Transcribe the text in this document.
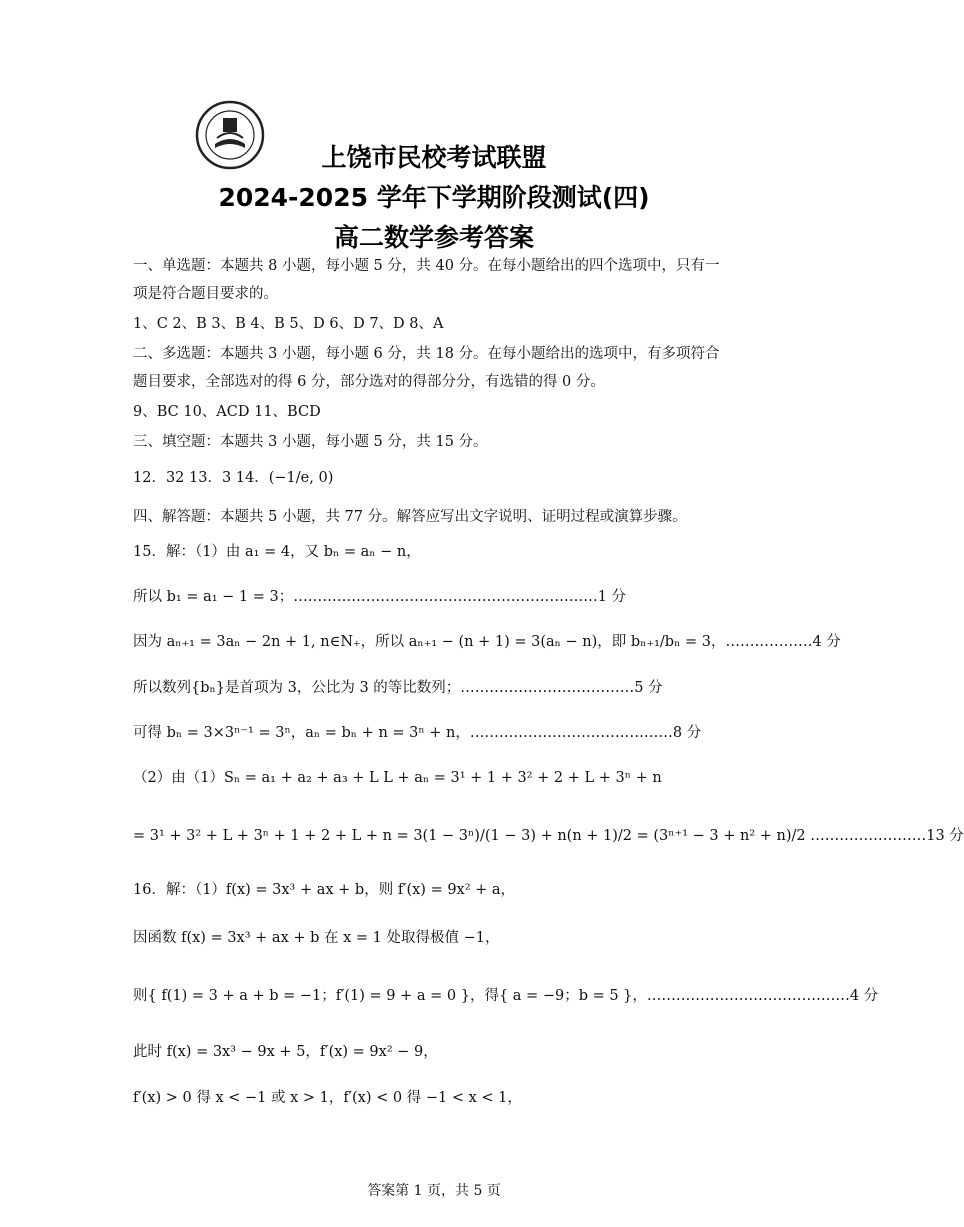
上饶市民校考试联盟
2024-2025 学年下学期阶段测试(四)
高二数学参考答案
一、单选题：本题共 8 小题，每小题 5 分，共 40 分。在每小题给出的四个选项中，只有一
项是符合题目要求的。
1、C 2、B 3、B 4、B 5、D 6、D 7、D 8、A
二、多选题：本题共 3 小题，每小题 6 分，共 18 分。在每小题给出的选项中，有多项符合
题目要求，全部选对的得 6 分，部分选对的得部分分，有选错的得 0 分。
9、BC 10、ACD 11、BCD
三、填空题：本题共 3 小题，每小题 5 分，共 15 分。
12．32 13．3 14．(−1/e, 0)
四、解答题：本题共 5 小题，共 77 分。解答应写出文字说明、证明过程或演算步骤。
15．解：（1）由 a₁ = 4，又 bₙ = aₙ − n，
所以 b₁ = a₁ − 1 = 3；………………………………………………………1 分
因为 aₙ₊₁ = 3aₙ − 2n + 1, n∈N₊，所以 aₙ₊₁ − (n + 1) = 3(aₙ − n)，即 bₙ₊₁/bₙ = 3，………………4 分
所以数列{bₙ}是首项为 3，公比为 3 的等比数列；………………………………5 分
可得 bₙ = 3×3ⁿ⁻¹ = 3ⁿ，aₙ = bₙ + n = 3ⁿ + n，……………………………………8 分
（2）由（1）Sₙ = a₁ + a₂ + a₃ + L L + aₙ = 3¹ + 1 + 3² + 2 + L + 3ⁿ + n
= 3¹ + 3² + L + 3ⁿ + 1 + 2 + L + n = 3(1 − 3ⁿ)/(1 − 3) + n(n + 1)/2 = (3ⁿ⁺¹ − 3 + n² + n)/2 ……………………13 分
16．解：（1）f(x) = 3x³ + ax + b，则 f′(x) = 9x² + a，
因函数 f(x) = 3x³ + ax + b 在 x = 1 处取得极值 −1，
则{ f(1) = 3 + a + b = −1；f′(1) = 9 + a = 0 }，得{ a = −9；b = 5 }，……………………………………4 分
此时 f(x) = 3x³ − 9x + 5，f′(x) = 9x² − 9，
f′(x) > 0 得 x < −1 或 x > 1，f′(x) < 0 得 −1 < x < 1，
答案第 1 页，共 5 页
